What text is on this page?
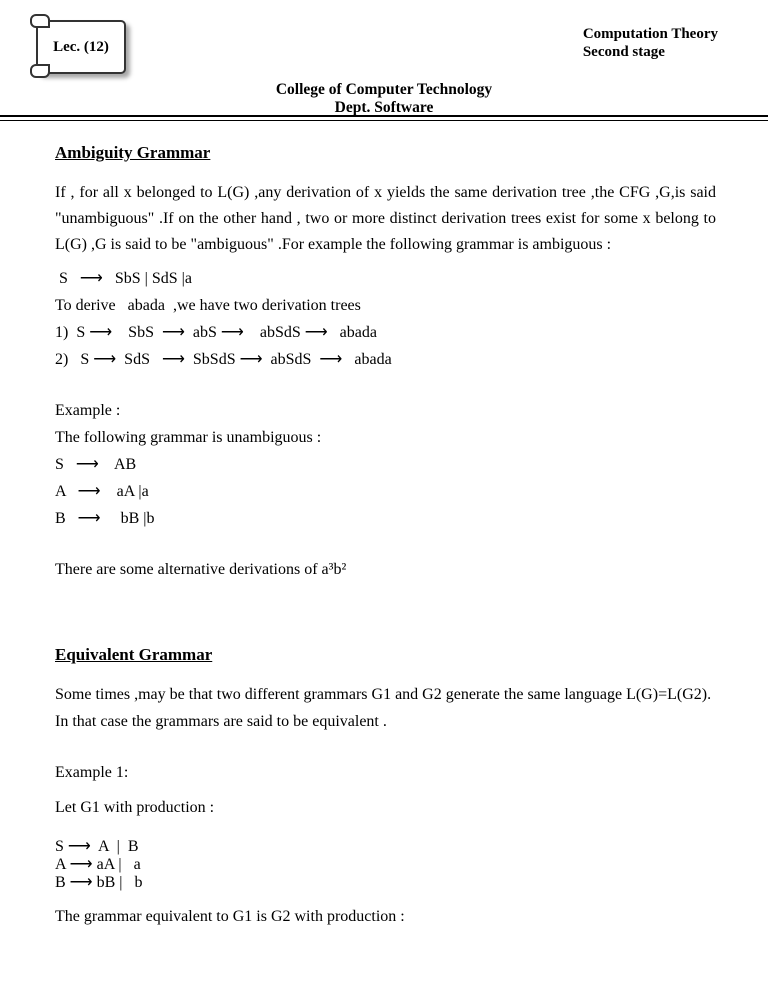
Lec. (12)
Computation Theory
Second stage
College of Computer Technology
Dept. Software
Ambiguity Grammar
If , for all x belonged to L(G) ,any derivation of x yields the same derivation tree ,the CFG ,G,is said "unambiguous" .If on the other hand , two or more distinct derivation trees exist for some x belong to L(G) ,G is said to be "ambiguous" .For example the following grammar is ambiguous :
S   ⟶   SbS | SdS |a
To derive   abada  ,we have two derivation trees
1)  S ⟶    SbS  ⟶  abS ⟶    abSdS ⟶   abada
2)   S ⟶  SdS   ⟶  SbSdS ⟶  abSdS  ⟶   abada
Example :
The following grammar is unambiguous :
S   ⟶    AB
A   ⟶    aA |a
B   ⟶     bB |b
There are some alternative derivations of a³b²
Equivalent Grammar
Some times ,may be that two different grammars G1 and G2 generate the same language L(G)=L(G2).
In that case the grammars are said to be equivalent .
Example 1:
Let G1 with production :
S ⟶  A  |  B
A ⟶ aA |   a
B ⟶ bB |   b
The grammar equivalent to G1 is G2 with production :
